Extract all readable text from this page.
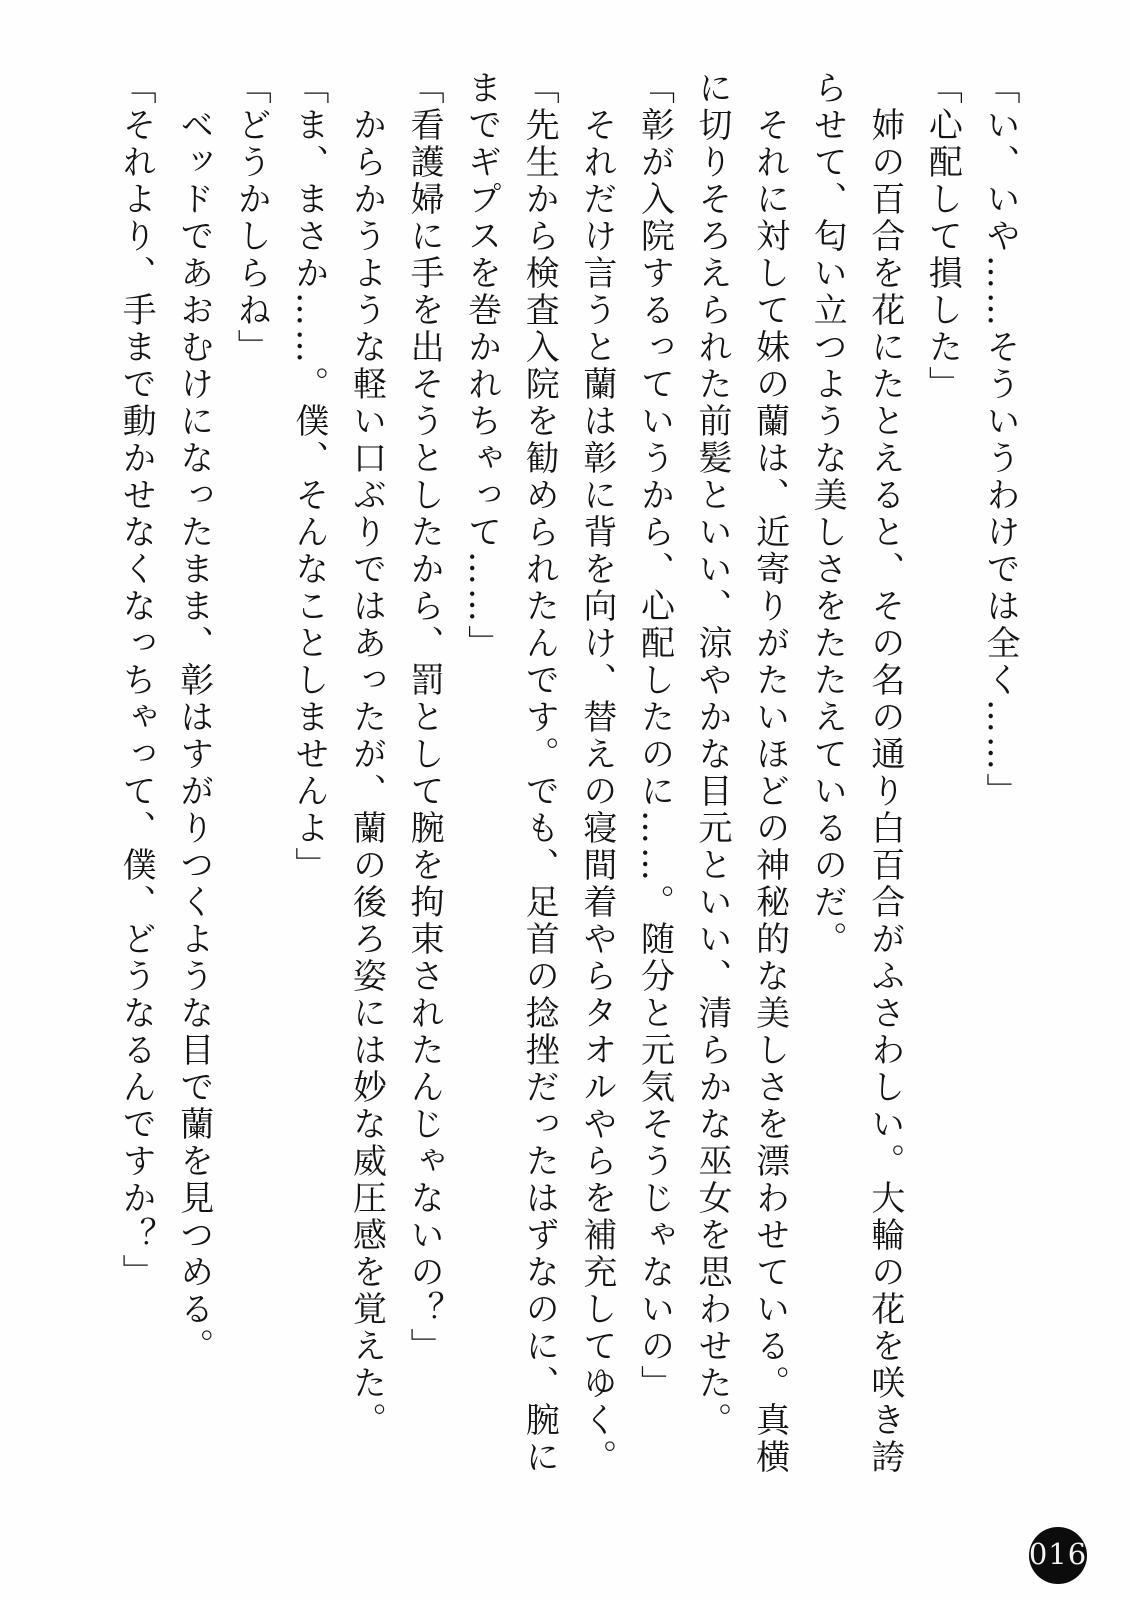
「い、いや……そういうわけでは全く……」

「心配して損した」

　姉の百合を花にたとえると、その名の通り白百合がふさわしい。大輪の花を咲き誇

らせて、匂い立つような美しさをたたえているのだ。

　それに対して妹の蘭は、近寄りがたいほどの神秘的な美しさを漂わせている。真横

に切りそろえられた前髪といい、涼やかな目元といい、清らかな巫女を思わせた。

「彰が入院するっていうから、心配したのに……。随分と元気そうじゃないの」

　それだけ言うと蘭は彰に背を向け、替えの寝間着やらタオルやらを補充してゆく。

「先生から検査入院を勧められたんです。でも、足首の捻挫だったはずなのに、腕に

までギプスを巻かれちゃって……」

「看護婦に手を出そうとしたから、罰として腕を拘束されたんじゃないの？」

　からかうような軽い口ぶりではあったが、蘭の後ろ姿には妙な威圧感を覚えた。

「ま、まさか……。僕、そんなことしませんよ」

「どうかしらね」

　ベッドであおむけになったまま、彰はすがりつくような目で蘭を見つめる。

「それより、手まで動かせなくなっちゃって、僕、どうなるんですか？」

016
